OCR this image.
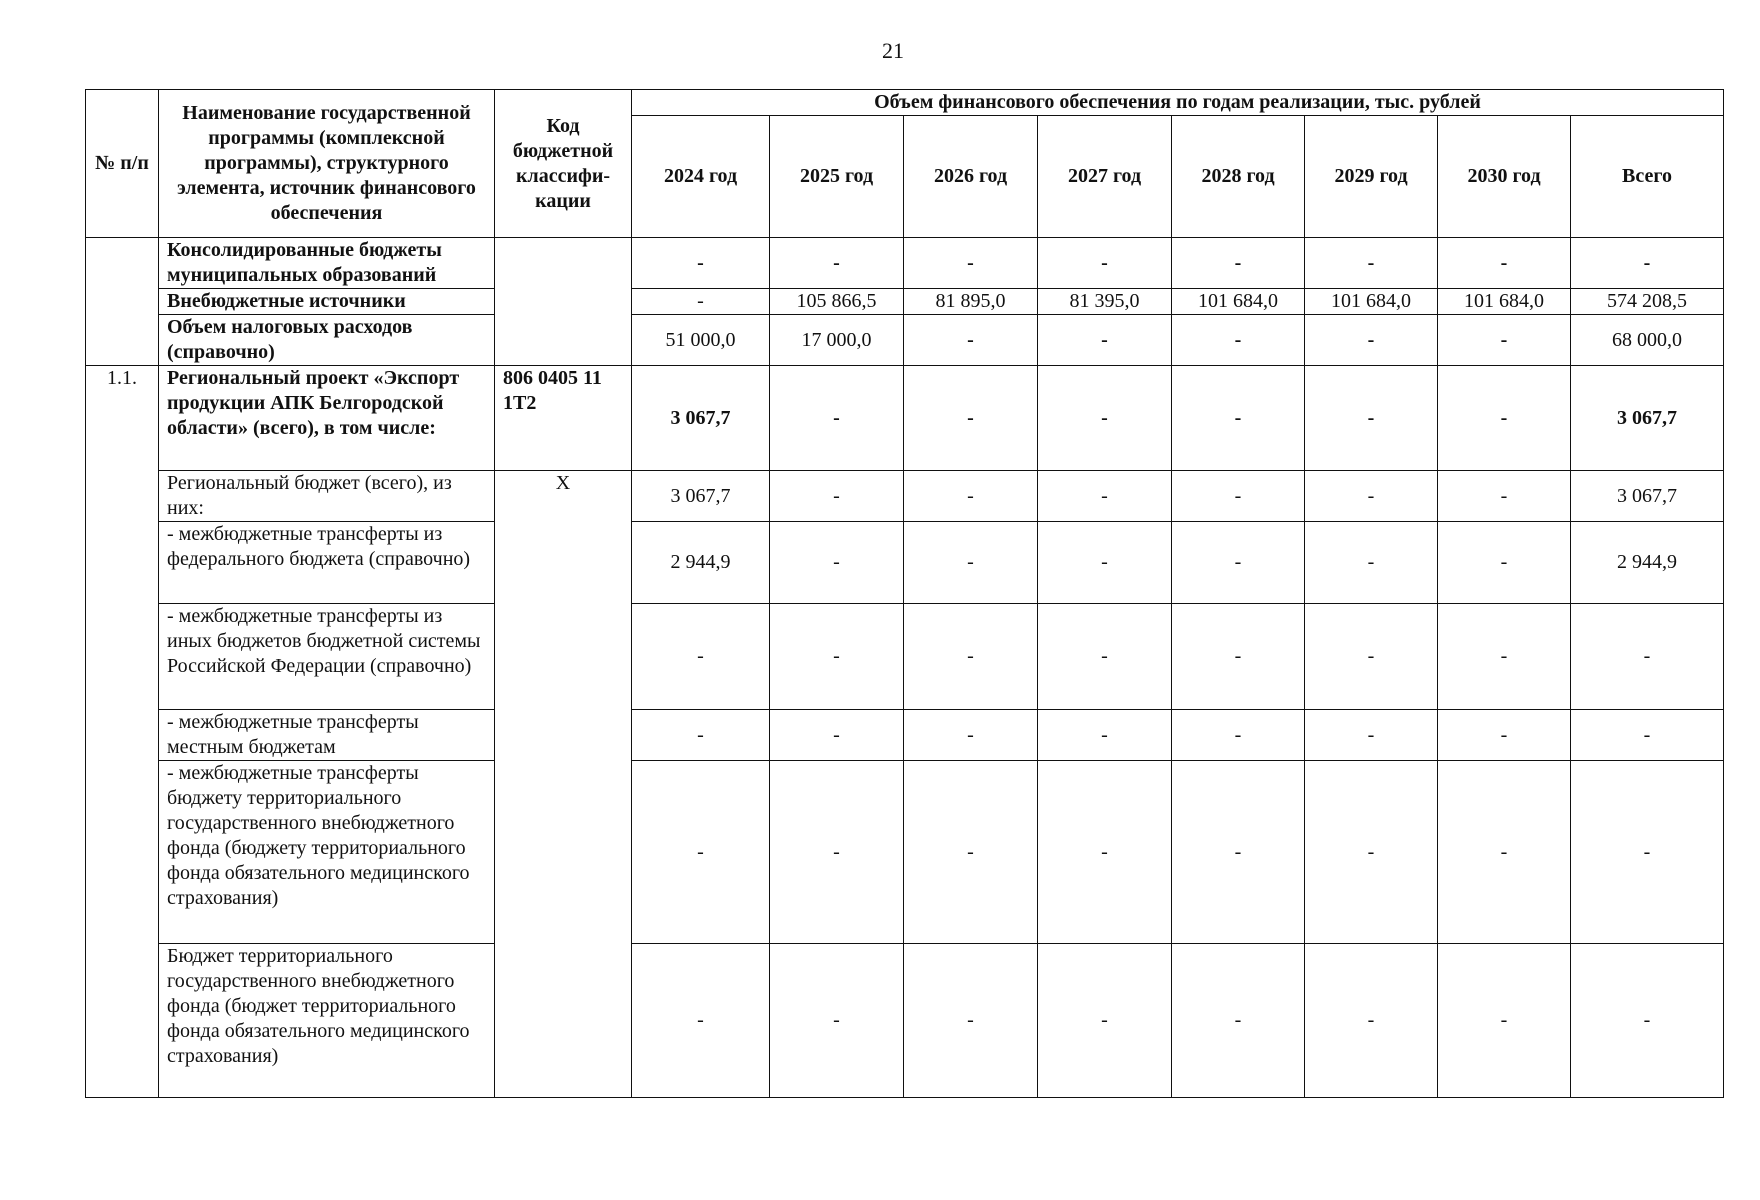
21
№ п/п	Наименование государственной программы (комплексной программы), структурного элемента, источник финансового обеспечения	Код бюджетной классифи-кации	Объем финансового обеспечения по годам реализации, тыс. рублей							
			2024 год	2025 год	2026 год	2027 год	2028 год	2029 год	2030 год	Всего
	Консолидированные бюджеты муниципальных образований		-	-	-	-	-	-	-	-
	Внебюджетные источники		-	105 866,5	81 895,0	81 395,0	101 684,0	101 684,0	101 684,0	574 208,5
	Объем налоговых расходов (справочно)		51 000,0	17 000,0	-	-	-	-	-	68 000,0
1.1.	Региональный проект «Экспорт продукции АПК Белгородской области» (всего), в том числе:	806 0405 11 1Т2	3 067,7	-	-	-	-	-	-	3 067,7
	Региональный бюджет (всего), из них:	Х	3 067,7	-	-	-	-	-	-	3 067,7
	- межбюджетные трансферты из федерального бюджета (справочно)		2 944,9	-	-	-	-	-	-	2 944,9
	- межбюджетные трансферты из иных бюджетов бюджетной системы Российской Федерации (справочно)		-	-	-	-	-	-	-	-
	- межбюджетные трансферты местным бюджетам		-	-	-	-	-	-	-	-
	- межбюджетные трансферты бюджету территориального государственного внебюджетного фонда (бюджету территориального фонда обязательного медицинского страхования)		-	-	-	-	-	-	-	-
	Бюджет территориального государственного внебюджетного фонда (бюджет территориального фонда обязательного медицинского страхования)		-	-	-	-	-	-	-	-
